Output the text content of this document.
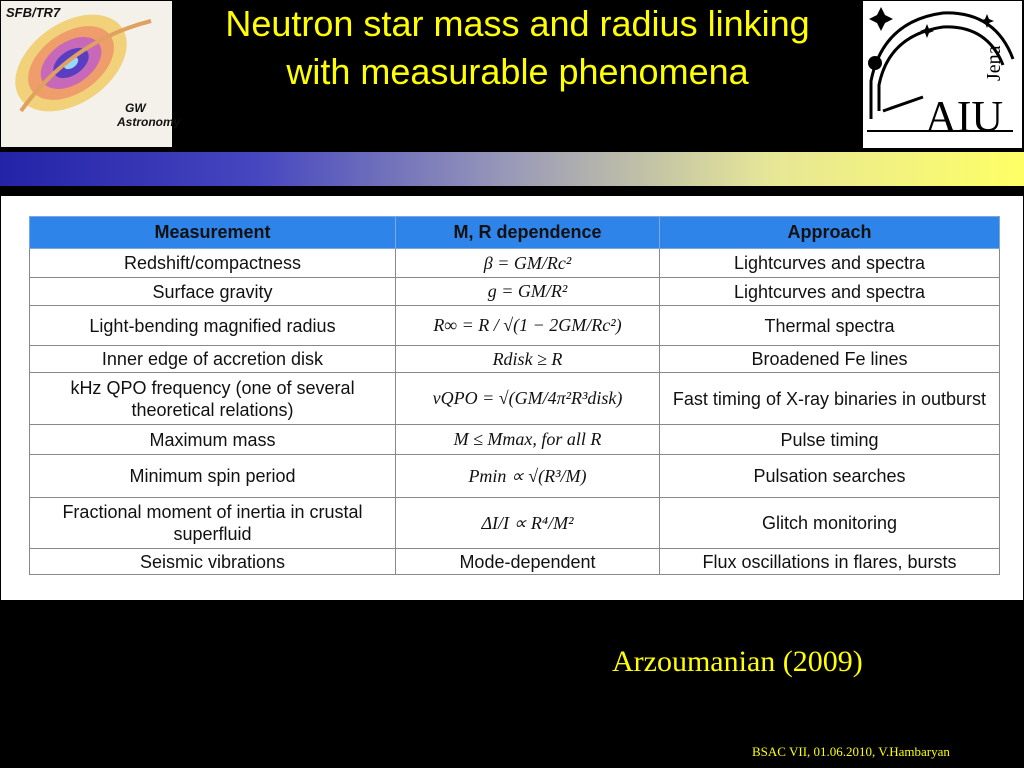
SFB/TR7
GW
Astronomy
Neutron star mass and radius linking with measurable phenomena
AIU
Jena
Measurement	M, R dependence	Approach
Redshift/compactness	β = GM/Rc²	Lightcurves and spectra
Surface gravity	g = GM/R²	Lightcurves and spectra
Light-bending magnified radius	R∞ = R / √(1 − 2GM/Rc²)	Thermal spectra
Inner edge of accretion disk	Rdisk ≥ R	Broadened Fe lines
kHz QPO frequency (one of several theoretical relations)	νQPO = √(GM/4π²R³disk)	Fast timing of X-ray binaries in outburst
Maximum mass	M ≤ Mmax, for all R	Pulse timing
Minimum spin period	Pmin ∝ √(R³/M)	Pulsation searches
Fractional moment of inertia in crustal superfluid	ΔI/I ∝ R⁴/M²	Glitch monitoring
Seismic vibrations	Mode-dependent	Flux oscillations in flares, bursts
Arzoumanian (2009)
BSAC VII, 01.06.2010, V.Hambaryan
